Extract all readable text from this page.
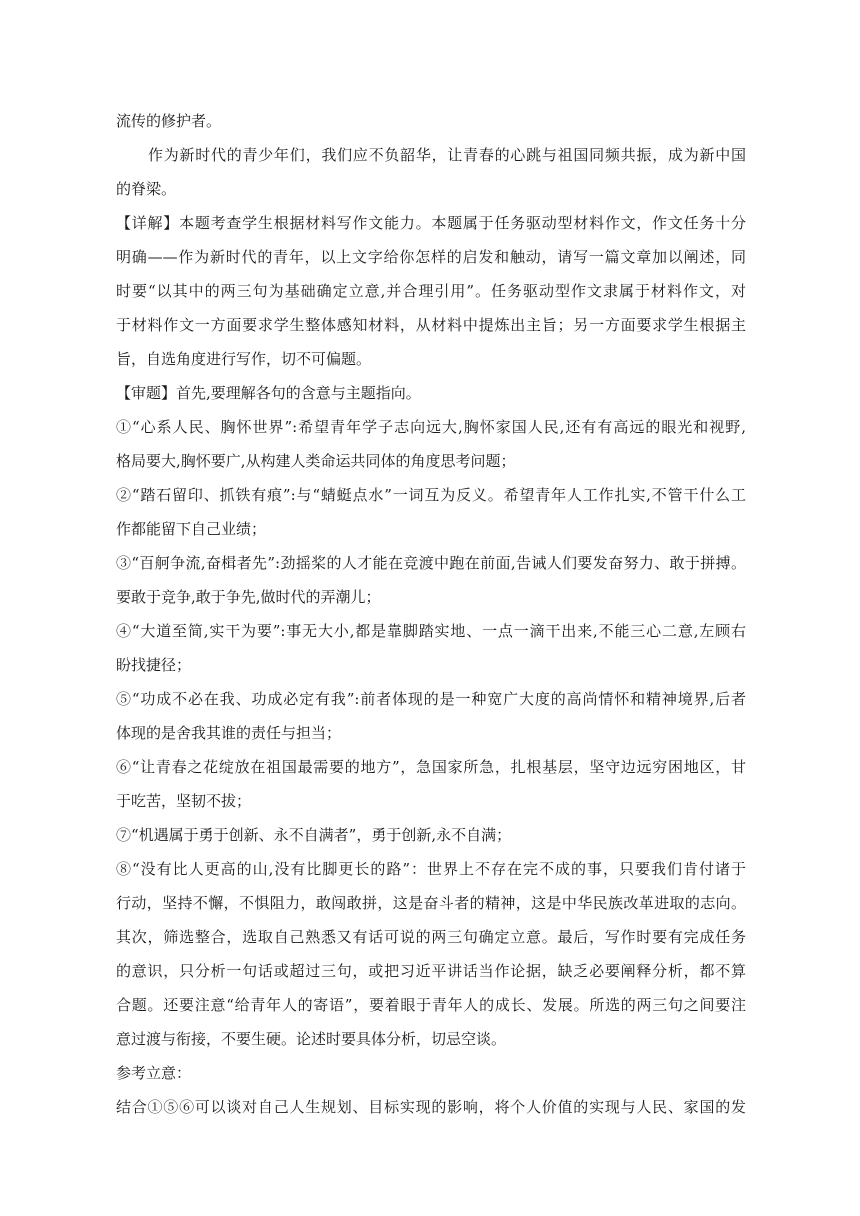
流传的修护者。
作为新时代的青少年们，我们应不负韶华，让青春的心跳与祖国同频共振，成为新中国
的脊梁。
【详解】本题考查学生根据材料写作文能力。本题属于任务驱动型材料作文，作文任务十分
明确——作为新时代的青年，以上文字给你怎样的启发和触动，请写一篇文章加以阐述，同
时要“以其中的两三句为基础确定立意,并合理引用”。任务驱动型作文隶属于材料作文，对
于材料作文一方面要求学生整体感知材料，从材料中提炼出主旨；另一方面要求学生根据主
旨，自选角度进行写作，切不可偏题。
【审题】首先,要理解各句的含意与主题指向。
①“心系人民、胸怀世界”:希望青年学子志向远大,胸怀家国人民,还有有高远的眼光和视野,
格局要大,胸怀要广,从构建人类命运共同体的角度思考问题；
②“踏石留印、抓铁有痕”:与“蜻蜓点水”一词互为反义。希望青年人工作扎实,不管干什么工
作都能留下自己业绩；
③“百舸争流,奋楫者先”:劲摇桨的人才能在竞渡中跑在前面,告诫人们要发奋努力、敢于拼搏。
要敢于竞争,敢于争先,做时代的弄潮儿；
④“大道至简,实干为要”:事无大小,都是靠脚踏实地、一点一滴干出来,不能三心二意,左顾右
盼找捷径；
⑤“功成不必在我、功成必定有我”:前者体现的是一种宽广大度的高尚情怀和精神境界,后者
体现的是舍我其谁的责任与担当；
⑥“让青春之花绽放在祖国最需要的地方”，急国家所急，扎根基层，坚守边远穷困地区，甘
于吃苦，坚韧不拔；
⑦“机遇属于勇于创新、永不自满者”，勇于创新,永不自满；
⑧“没有比人更高的山,没有比脚更长的路”：世界上不存在完不成的事，只要我们肯付诸于
行动，坚持不懈，不惧阻力，敢闯敢拼，这是奋斗者的精神，这是中华民族改革进取的志向。
其次，筛选整合，选取自己熟悉又有话可说的两三句确定立意。最后，写作时要有完成任务
的意识，只分析一句话或超过三句，或把习近平讲话当作论据，缺乏必要阐释分析，都不算
合题。还要注意“给青年人的寄语”，要着眼于青年人的成长、发展。所选的两三句之间要注
意过渡与衔接，不要生硬。论述时要具体分析，切忌空谈。
参考立意：
结合①⑤⑥可以谈对自己人生规划、目标实现的影响，将个人价值的实现与人民、家国的发
